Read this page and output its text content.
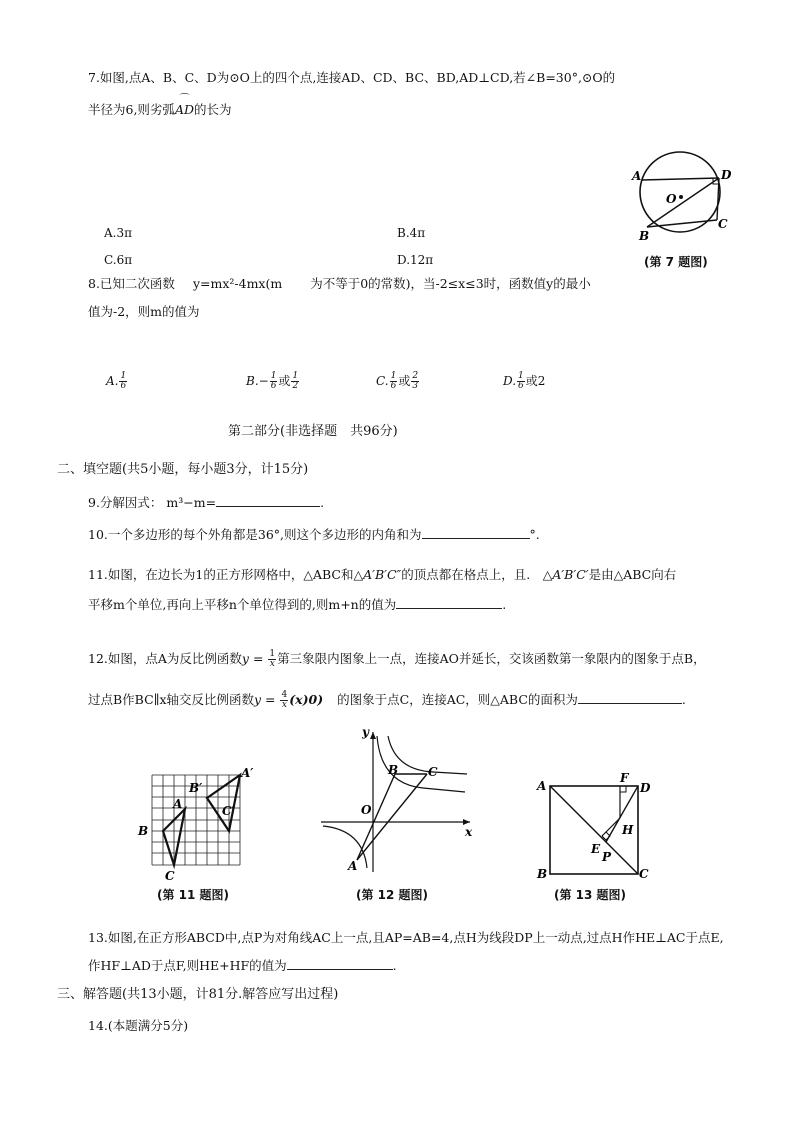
7.如图,点A、B、C、D为⊙O上的四个点,连接AD、CD、BC、BD,AD⊥CD,若∠B=30°,⊙O的
半径为6,则劣弧
⌒
AD的长为
A.3π	B.4π
C.6π	D.12π
A	D
O
C
B
(第 7 题图)
8.已知二次函数 y=mx²-4mx(m 为不等于0的常数)，当-2≤x≤3时，函数值y的最小
值为-2，则m的值为
A. $\frac{1}{6}$	$B.- \frac{1}{6}$ 或 $\frac{1}{2}$	C. $\frac{1}{6}$ 或 $\frac{2}{3}$	D. $\frac{1}{6}$ 或2
第二部分(非选择题　共96分)
二、填空题(共5小题，每小题3分，计15分)
9.分解因式： m³−m=	.
10.一个多边形的每个外角都是36°,则这个多边形的内角和为	°.
11.如图，在边长为1的正方形网格中，△ABC和△A′B′C″的顶点都在格点上，且.　△A′B′C′是由△ABC向右
平移m个单位,再向上平移n个单位得到的,则m+n的值为	.
12.如图，点A为反比例函数$y = \frac{1}{x}$ 第三象限内图象上一点，连接AO并延长，交该函数第一象限内的图象于点B，
过点B作BC∥x轴交反比例函数$y = \frac{4}{x} (x)0$) 的图象于点C，连接AC，则△ABC的面积为	.
A′
B′
C′
A
B
C
(第 11 题图)
y
x
O
A
B C
(第 12 题图)
A	D
F
H
E
P
B	C
(第 13 题图)
13.如图,在正方形ABCD中,点P为对角线AC上一点,且AP=AB=4,点H为线段DP上一动点,过点H作HE⊥AC于点E,
作HF⊥AD于点F,则HE+HF的值为	.
三、解答题(共13小题，计81分.解答应写出过程)
14.(本题满分5分)
